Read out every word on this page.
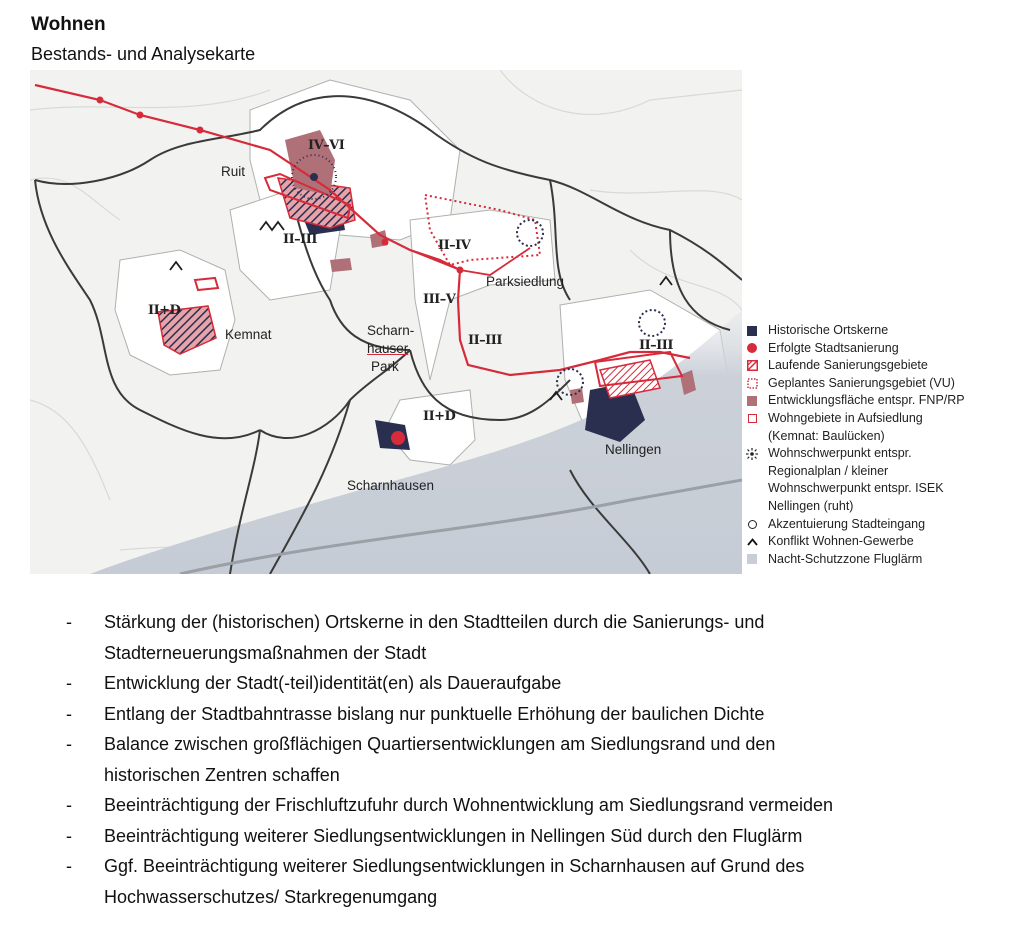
Wohnen
Bestands- und Analysekarte
Ruit
Kemnat	Scharn-
hauser
Park
Parksiedlung
Scharnhausen
Nellingen
IV–VI
II–III	II–IV
III–V
II–III
II+D
II+D
II–III
Historische Ortskerne
Erfolgte Stadtsanierung
Laufende Sanierungsgebiete
Geplantes Sanierungsgebiet (VU)
Entwicklungsfläche entspr. FNP/RP
Wohngebiete in Aufsiedlung
(Kemnat: Baulücken)
Wohnschwerpunkt entspr.
Regionalplan / kleiner
Wohnschwerpunkt entspr. ISEK
Nellingen (ruht)
Akzentuierung Stadteingang
Konflikt Wohnen-Gewerbe
Nacht-Schutzzone Fluglärm
-	Stärkung der (historischen) Ortskerne in den Stadtteilen durch die Sanierungs- und
Stadterneuerungsmaßnahmen der Stadt
-	Entwicklung der Stadt(-teil)identität(en) als Daueraufgabe
-	Entlang der Stadtbahntrasse bislang nur punktuelle Erhöhung der baulichen Dichte
-	Balance zwischen großflächigen Quartiersentwicklungen am Siedlungsrand und den
historischen Zentren schaffen
-	Beeinträchtigung der Frischluftzufuhr durch Wohnentwicklung am Siedlungsrand vermeiden
-	Beeinträchtigung weiterer Siedlungsentwicklungen in Nellingen Süd durch den Fluglärm
-	Ggf. Beeinträchtigung weiterer Siedlungsentwicklungen in Scharnhausen auf Grund des
Hochwasserschutzes/ Starkregenumgang
